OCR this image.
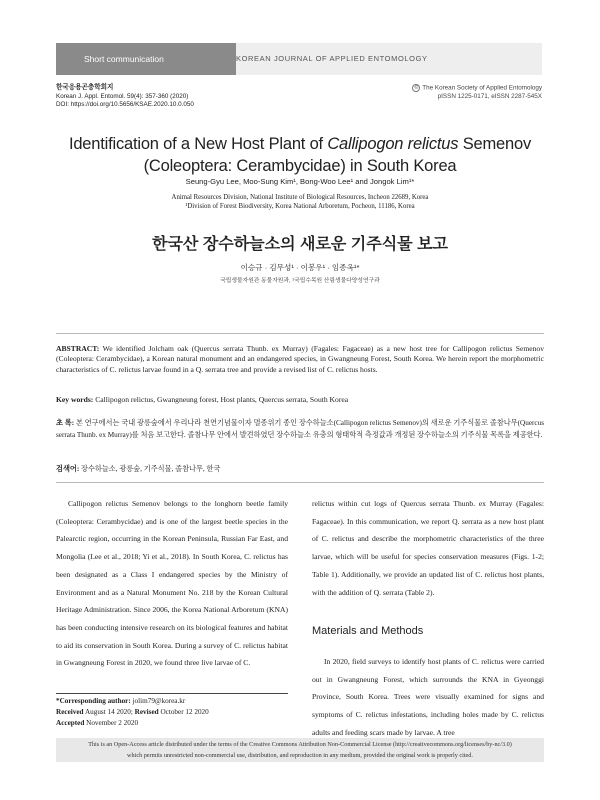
Short communication	KOREAN JOURNAL OF APPLIED ENTOMOLOGY
한국응용곤충학회지
Korean J. Appl. Entomol. 59(4): 357-360 (2020)
DOI: https://doi.org/10.5656/KSAE.2020.10.0.050
© The Korean Society of Applied Entomology
pISSN 1225-0171, eISSN 2287-545X
Identification of a New Host Plant of Callipogon relictus Semenov
(Coleoptera: Cerambycidae) in South Korea
Seung-Gyu Lee, Moo-Sung Kim¹, Bong-Woo Lee¹ and Jongok Lim¹*
Animal Resources Division, National Institute of Biological Resources, Incheon 22689, Korea
¹Division of Forest Biodiversity, Korea National Arboretum, Pocheon, 11186, Korea
한국산 장수하늘소의 새로운 기주식물 보고
이승규 · 김무성¹ · 이봉우¹ · 임종옥¹*
국립생물자원관 동물자원과, ¹국립수목원 산림생물다양성연구과
ABSTRACT: We identified Jolcham oak (Quercus serrata Thunb. ex Murray) (Fagales: Fagaceae) as a new host tree for Callipogon relictus Semenov (Coleoptera: Cerambycidae), a Korean natural monument and an endangered species, in Gwangneung Forest, South Korea. We herein report the morphometric characteristics of C. relictus larvae found in a Q. serrata tree and provide a revised list of C. relictus hosts.
Key words: Callipogon relictus, Gwangneung forest, Host plants, Quercus serrata, South Korea
초 록: 본 연구에서는 국내 광릉숲에서 우리나라 천연기념물이자 멸종위기 종인 장수하늘소(Callipogon relictus Semenov)의 새로운 기주식물로 졸참나무(Quercus serrata Thunb. ex Murray)를 처음 보고한다. 졸참나무 안에서 발견하였던 장수하늘소 유충의 형태학적 측정값과 개정된 장수하늘소의 기주식물 목록을 제공한다.
검색어: 장수하늘소, 광릉숲, 기주식물, 졸참나무, 한국

Callipogon relictus Semenov belongs to the longhorn beetle family (Coleoptera: Cerambycidae) and is one of the largest beetle species in the Palearctic region, occurring in the Korean Peninsula, Russian Far East, and Mongolia (Lee et al., 2018; Yi et al., 2018). In South Korea, C. relictus has been designated as a Class I endangered species by the Ministry of Environment and as a Natural Monument No. 218 by the Korean Cultural Heritage Administration. Since 2006, the Korea National Arboretum (KNA) has been conducting intensive research on its biological features and habitat to aid its conservation in South Korea. During a survey of C. relictus habitat in Gwangneung Forest in 2020, we found three live larvae of C.

relictus within cut logs of Quercus serrata Thunb. ex Murray (Fagales: Fagaceae). In this communication, we report Q. serrata as a new host plant of C. relictus and describe the morphometric characteristics of the three larvae, which will be useful for species conservation measures (Figs. 1-2; Table 1). Additionally, we provide an updated list of C. relictus host plants, with the addition of Q. serrata (Table 2).

Materials and Methods

In 2020, field surveys to identify host plants of C. relictus were carried out in Gwangneung Forest, which surrounds the KNA in Gyeonggi Province, South Korea. Trees were visually examined for signs and symptoms of C. relictus infestations, including holes made by C. relictus adults and feeding scars made by larvae. A tree

*Corresponding author: jolim79@korea.kr
Received August 14 2020; Revised October 12 2020
Accepted November 2 2020
This is an Open-Access article distributed under the terms of the Creative Commons Attribution Non-Commercial License (http://creativecommons.org/licenses/by-nc/3.0)
which permits unrestricted non-commercial use, distribution, and reproduction in any medium, provided the original work is properly cited.
